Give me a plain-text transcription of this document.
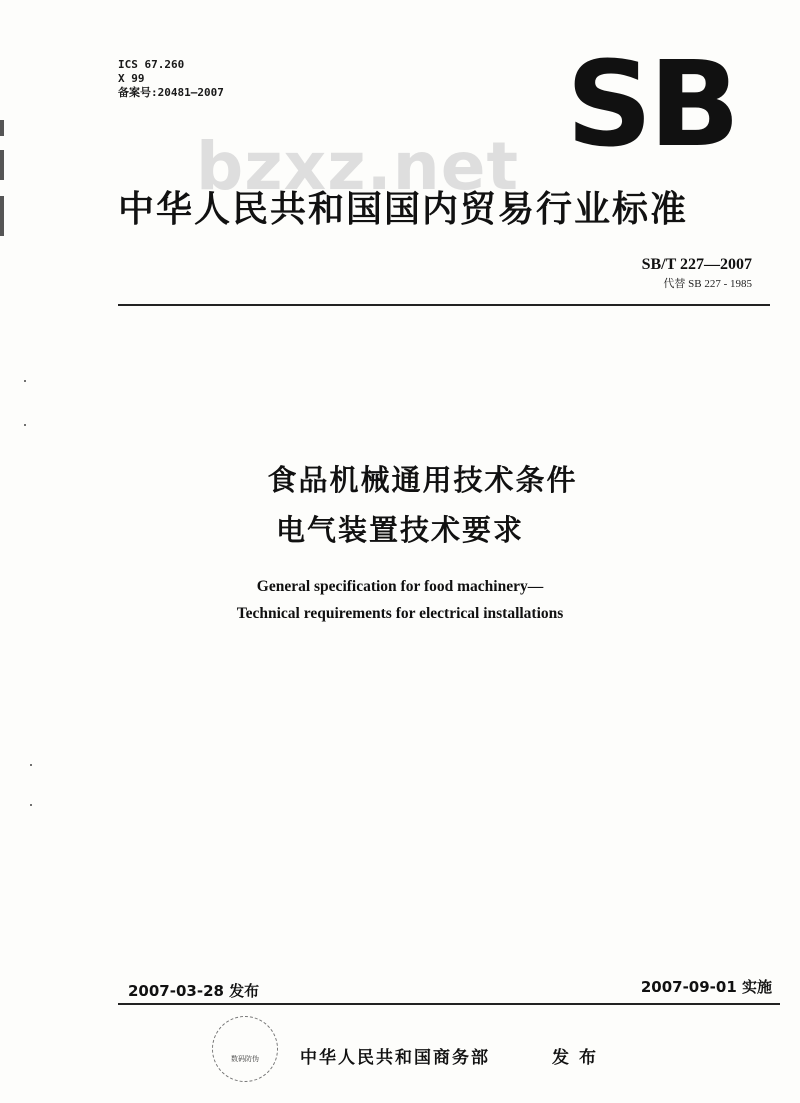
ICS 67.260
X 99
备案号:20481—2007	SB
bzxz.net
中华人民共和国国内贸易行业标准
SB/T 227—2007
代替 SB 227 - 1985
食品机械通用技术条件
电气装置技术要求
General specification for food machinery—
Technical requirements for electrical installations
2007-03-28 发布	2007-09-01 实施
数码防伪	中华人民共和国商务部	发布
